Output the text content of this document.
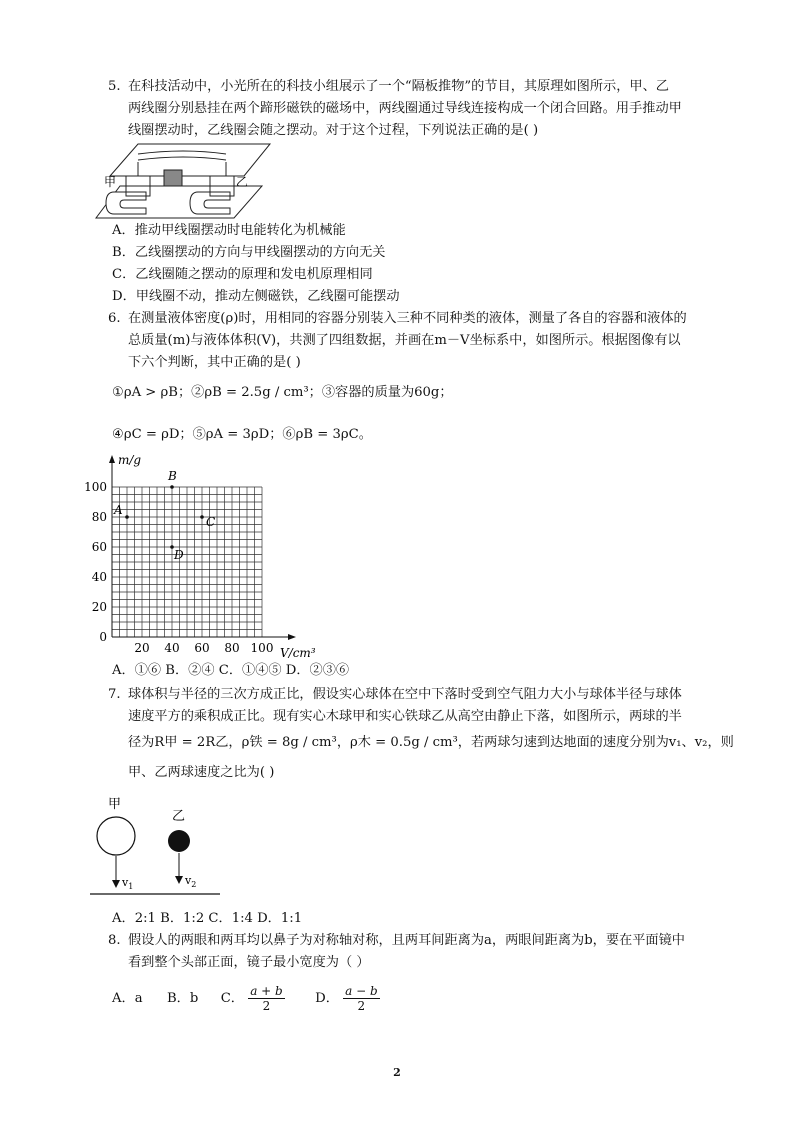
5. 在科技活动中，小光所在的科技小组展示了一个“隔板推物”的节目，其原理如图所示，甲、乙
两线圈分别悬挂在两个蹄形磁铁的磁场中，两线圈通过导线连接构成一个闭合回路。用手推动甲
线圈摆动时，乙线圈会随之摆动。对于这个过程，下列说法正确的是( )
甲	乙
A．推动甲线圈摆动时电能转化为机械能
B．乙线圈摆动的方向与甲线圈摆动的方向无关
C．乙线圈随之摆动的原理和发电机原理相同
D．甲线圈不动，推动左侧磁铁，乙线圈可能摆动
6. 在测量液体密度(ρ)时，用相同的容器分别装入三种不同种类的液体，测量了各自的容器和液体的
总质量(m)与液体体积(V)，共测了四组数据，并画在m－V坐标系中，如图所示。根据图像有以
下六个判断，其中正确的是( )
①ρA > ρB；②ρB = 2.5g / cm³；③容器的质量为60g；
④ρC = ρD；⑤ρA = 3ρD；⑥ρB = 3ρC。
m/g
V/cm³
20 40 60 80 100
0
20
40
60
80
100
A
B
C
D
A．①⑥ B．②④ C．①④⑤ D．②③⑥
7. 球体积与半径的三次方成正比，假设实心球体在空中下落时受到空气阻力大小与球体半径与球体
速度平方的乘积成正比。现有实心木球甲和实心铁球乙从高空由静止下落，如图所示，两球的半
径为R甲 = 2R乙，ρ铁 = 8g / cm³，ρ木 = 0.5g / cm³，若两球匀速到达地面的速度分别为v₁、v₂，则
甲、乙两球速度之比为( )
甲
乙
$v_1$	$v_2$
A．2:1 B．1:2 C．1:4 D．1:1
8. 假设人的两眼和两耳均以鼻子为对称轴对称，且两耳间距离为a，两眼间距离为b，要在平面镜中
看到整个头部正面，镜子最小宽度为（ ）
A．a B．b C． $\frac{a + b}{2}$ D． $\frac{a - b}{2}$
2
